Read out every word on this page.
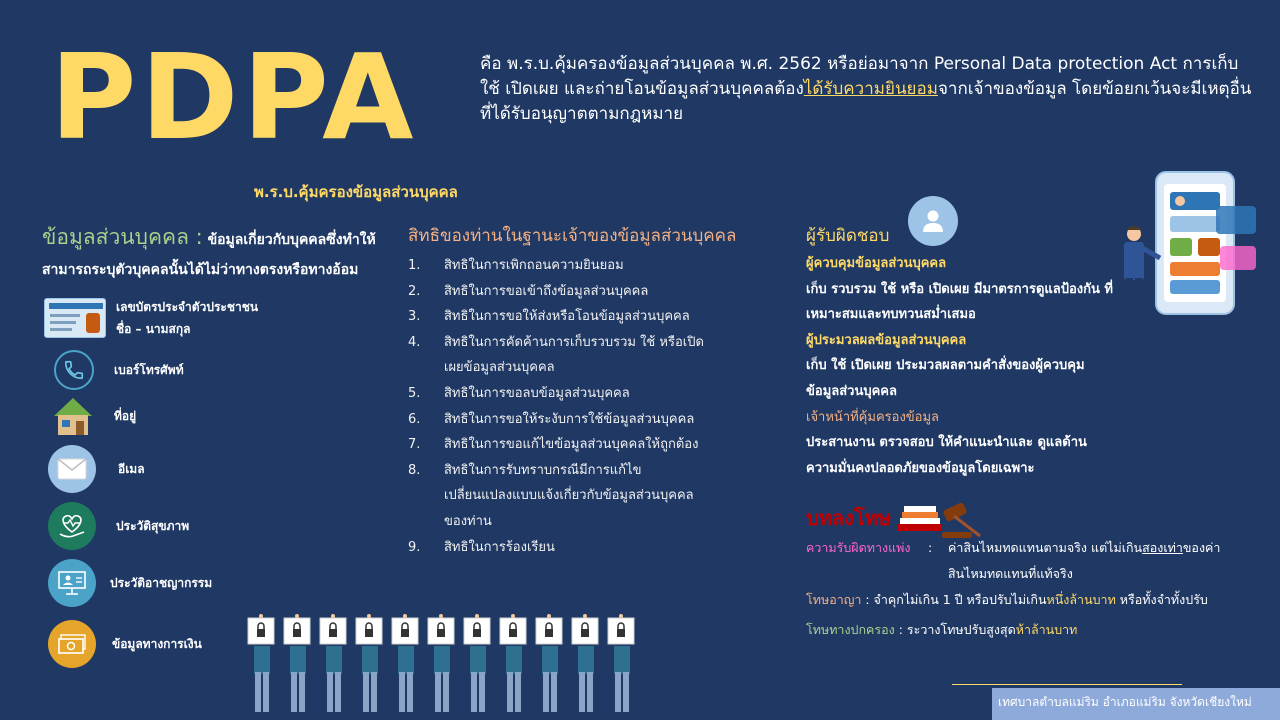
PDPA
พ.ร.บ.คุ้มครองข้อมูลส่วนบุคคล
คือ พ.ร.บ.คุ้มครองข้อมูลส่วนบุคคล พ.ศ. 2562 หรือย่อมาจาก Personal Data protection Act การเก็บ ใช้ เปิดเผย และถ่ายโอนข้อมูลส่วนบุคคลต้องได้รับความยินยอมจากเจ้าของข้อมูล โดยข้อยกเว้นจะมีเหตุอื่นที่ได้รับอนุญาตตามกฎหมาย
ข้อมูลส่วนบุคคล : ข้อมูลเกี่ยวกับบุคคลซึ่งทำให้สามารถระบุตัวบุคคลนั้นได้ไม่ว่าทางตรงหรือทางอ้อม
เลขบัตรประจำตัวประชาชน
ชื่อ – นามสกุล
เบอร์โทรศัพท์
ที่อยู่
อีเมล
ประวัติสุขภาพ
ประวัติอาชญากรรม
ข้อมูลทางการเงิน
สิทธิของท่านในฐานะเจ้าของข้อมูลส่วนบุคคล
1.	สิทธิในการเพิกถอนความยินยอม
2.	สิทธิในการขอเข้าถึงข้อมูลส่วนบุคคล
3.	สิทธิในการขอให้ส่งหรือโอนข้อมูลส่วนบุคคล
4.	สิทธิในการคัดค้านการเก็บรวบรวม ใช้ หรือเปิดเผยข้อมูลส่วนบุคคล
5.	สิทธิในการขอลบข้อมูลส่วนบุคคล
6.	สิทธิในการขอให้ระงับการใช้ข้อมูลส่วนบุคคล
7.	สิทธิในการขอแก้ไขข้อมูลส่วนบุคคลให้ถูกต้อง
8.	สิทธิในการรับทราบกรณีมีการแก้ไขเปลี่ยนแปลงแบบแจ้งเกี่ยวกับข้อมูลส่วนบุคคลของท่าน
9.	สิทธิในการร้องเรียน
ผู้รับผิดชอบ
ผู้ควบคุมข้อมูลส่วนบุคคล
เก็บ รวบรวม ใช้ หรือ เปิดเผย มีมาตรการดูแลป้องกัน ที่เหมาะสมและทบทวนสม่ำเสมอ
ผู้ประมวลผลข้อมูลส่วนบุคคล
เก็บ ใช้ เปิดเผย ประมวลผลตามคำสั่งของผู้ควบคุมข้อมูลส่วนบุคคล
เจ้าหน้าที่คุ้มครองข้อมูล
ประสานงาน ตรวจสอบ ให้คำแนะนำและ ดูแลด้านความมั่นคงปลอดภัยของข้อมูลโดยเฉพาะ
บทลงโทษ
ความรับผิดทางแพ่ง	:	ค่าสินไหมทดแทนตามจริง แต่ไม่เกินสองเท่าของค่าสินไหมทดแทนที่แท้จริง
โทษอาญา : จำคุกไม่เกิน 1 ปี หรือปรับไม่เกินหนึ่งล้านบาท หรือทั้งจำทั้งปรับ
โทษทางปกครอง : ระวางโทษปรับสูงสุดห้าล้านบาท
เทศบาลตำบลแม่ริม อำเภอแม่ริม จังหวัดเชียงใหม่
